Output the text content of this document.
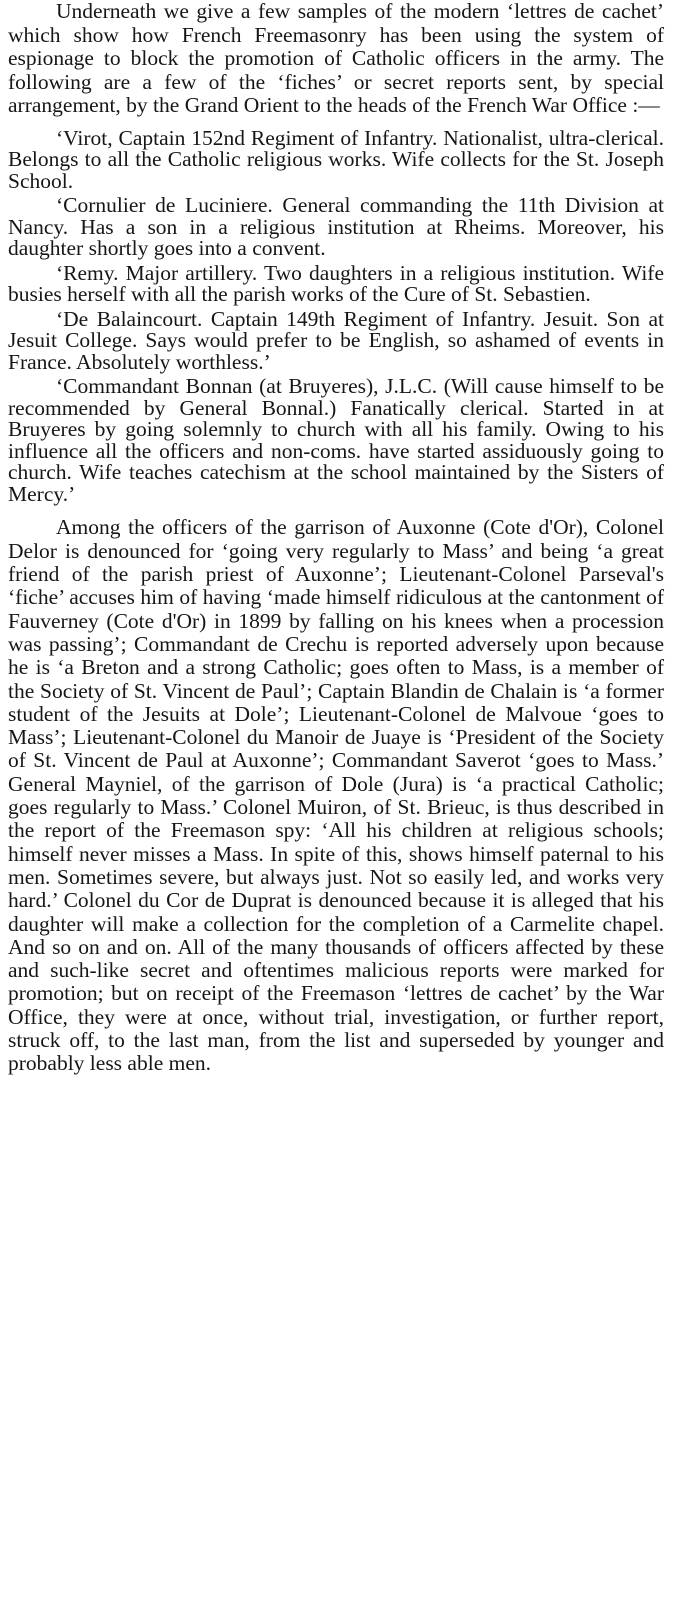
Underneath we give a few samples of the modern ‘lettres de cachet’ which show how French Freemasonry has been using the system of espionage to block the promotion of Catholic officers in the army. The following are a few of the ‘fiches’ or secret reports sent, by special arrangement, by the Grand Orient to the heads of the French War Office :—

‘Virot, Captain 152nd Regiment of Infantry. Nationalist, ultra-clerical. Belongs to all the Catholic religious works. Wife collects for the St. Joseph School.

‘Cornulier de Luciniere. General commanding the 11th Division at Nancy. Has a son in a religious institution at Rheims. Moreover, his daughter shortly goes into a convent.

‘Remy. Major artillery. Two daughters in a religious institution. Wife busies herself with all the parish works of the Cure of St. Sebastien.

‘De Balaincourt. Captain 149th Regiment of Infantry. Jesuit. Son at Jesuit College. Says would prefer to be English, so ashamed of events in France. Absolutely worthless.’

‘Commandant Bonnan (at Bruyeres), J.L.C. (Will cause himself to be recommended by General Bonnal.) Fanatically clerical. Started in at Bruyeres by going solemnly to church with all his family. Owing to his influence all the officers and non-coms. have started assiduously going to church. Wife teaches catechism at the school maintained by the Sisters of Mercy.’

Among the officers of the garrison of Auxonne (Cote d'Or), Colonel Delor is denounced for ‘going very regularly to Mass’ and being ‘a great friend of the parish priest of Auxonne’; Lieutenant-Colonel Parseval's ‘fiche’ accuses him of having ‘made himself ridiculous at the cantonment of Fauverney (Cote d'Or) in 1899 by falling on his knees when a procession was passing’; Commandant de Crechu is reported adversely upon because he is ‘a Breton and a strong Catholic; goes often to Mass, is a member of the Society of St. Vincent de Paul’; Captain Blandin de Chalain is ‘a former student of the Jesuits at Dole’; Lieutenant-Colonel de Malvoue ‘goes to Mass’; Lieutenant-Colonel du Manoir de Juaye is ‘President of the Society of St. Vincent de Paul at Auxonne’; Commandant Saverot ‘goes to Mass.’ General Mayniel, of the garrison of Dole (Jura) is ‘a practical Catholic; goes regularly to Mass.’ Colonel Muiron, of St. Brieuc, is thus described in the report of the Freemason spy: ‘All his children at religious schools; himself never misses a Mass. In spite of this, shows himself paternal to his men. Sometimes severe, but always just. Not so easily led, and works very hard.’ Colonel du Cor de Duprat is denounced because it is alleged that his daughter will make a collection for the completion of a Carmelite chapel. And so on and on. All of the many thousands of officers affected by these and such-like secret and oftentimes malicious reports were marked for promotion; but on receipt of the Freemason ‘lettres de cachet’ by the War Office, they were at once, without trial, investigation, or further report, struck off, to the last man, from the list and superseded by younger and probably less able men.
